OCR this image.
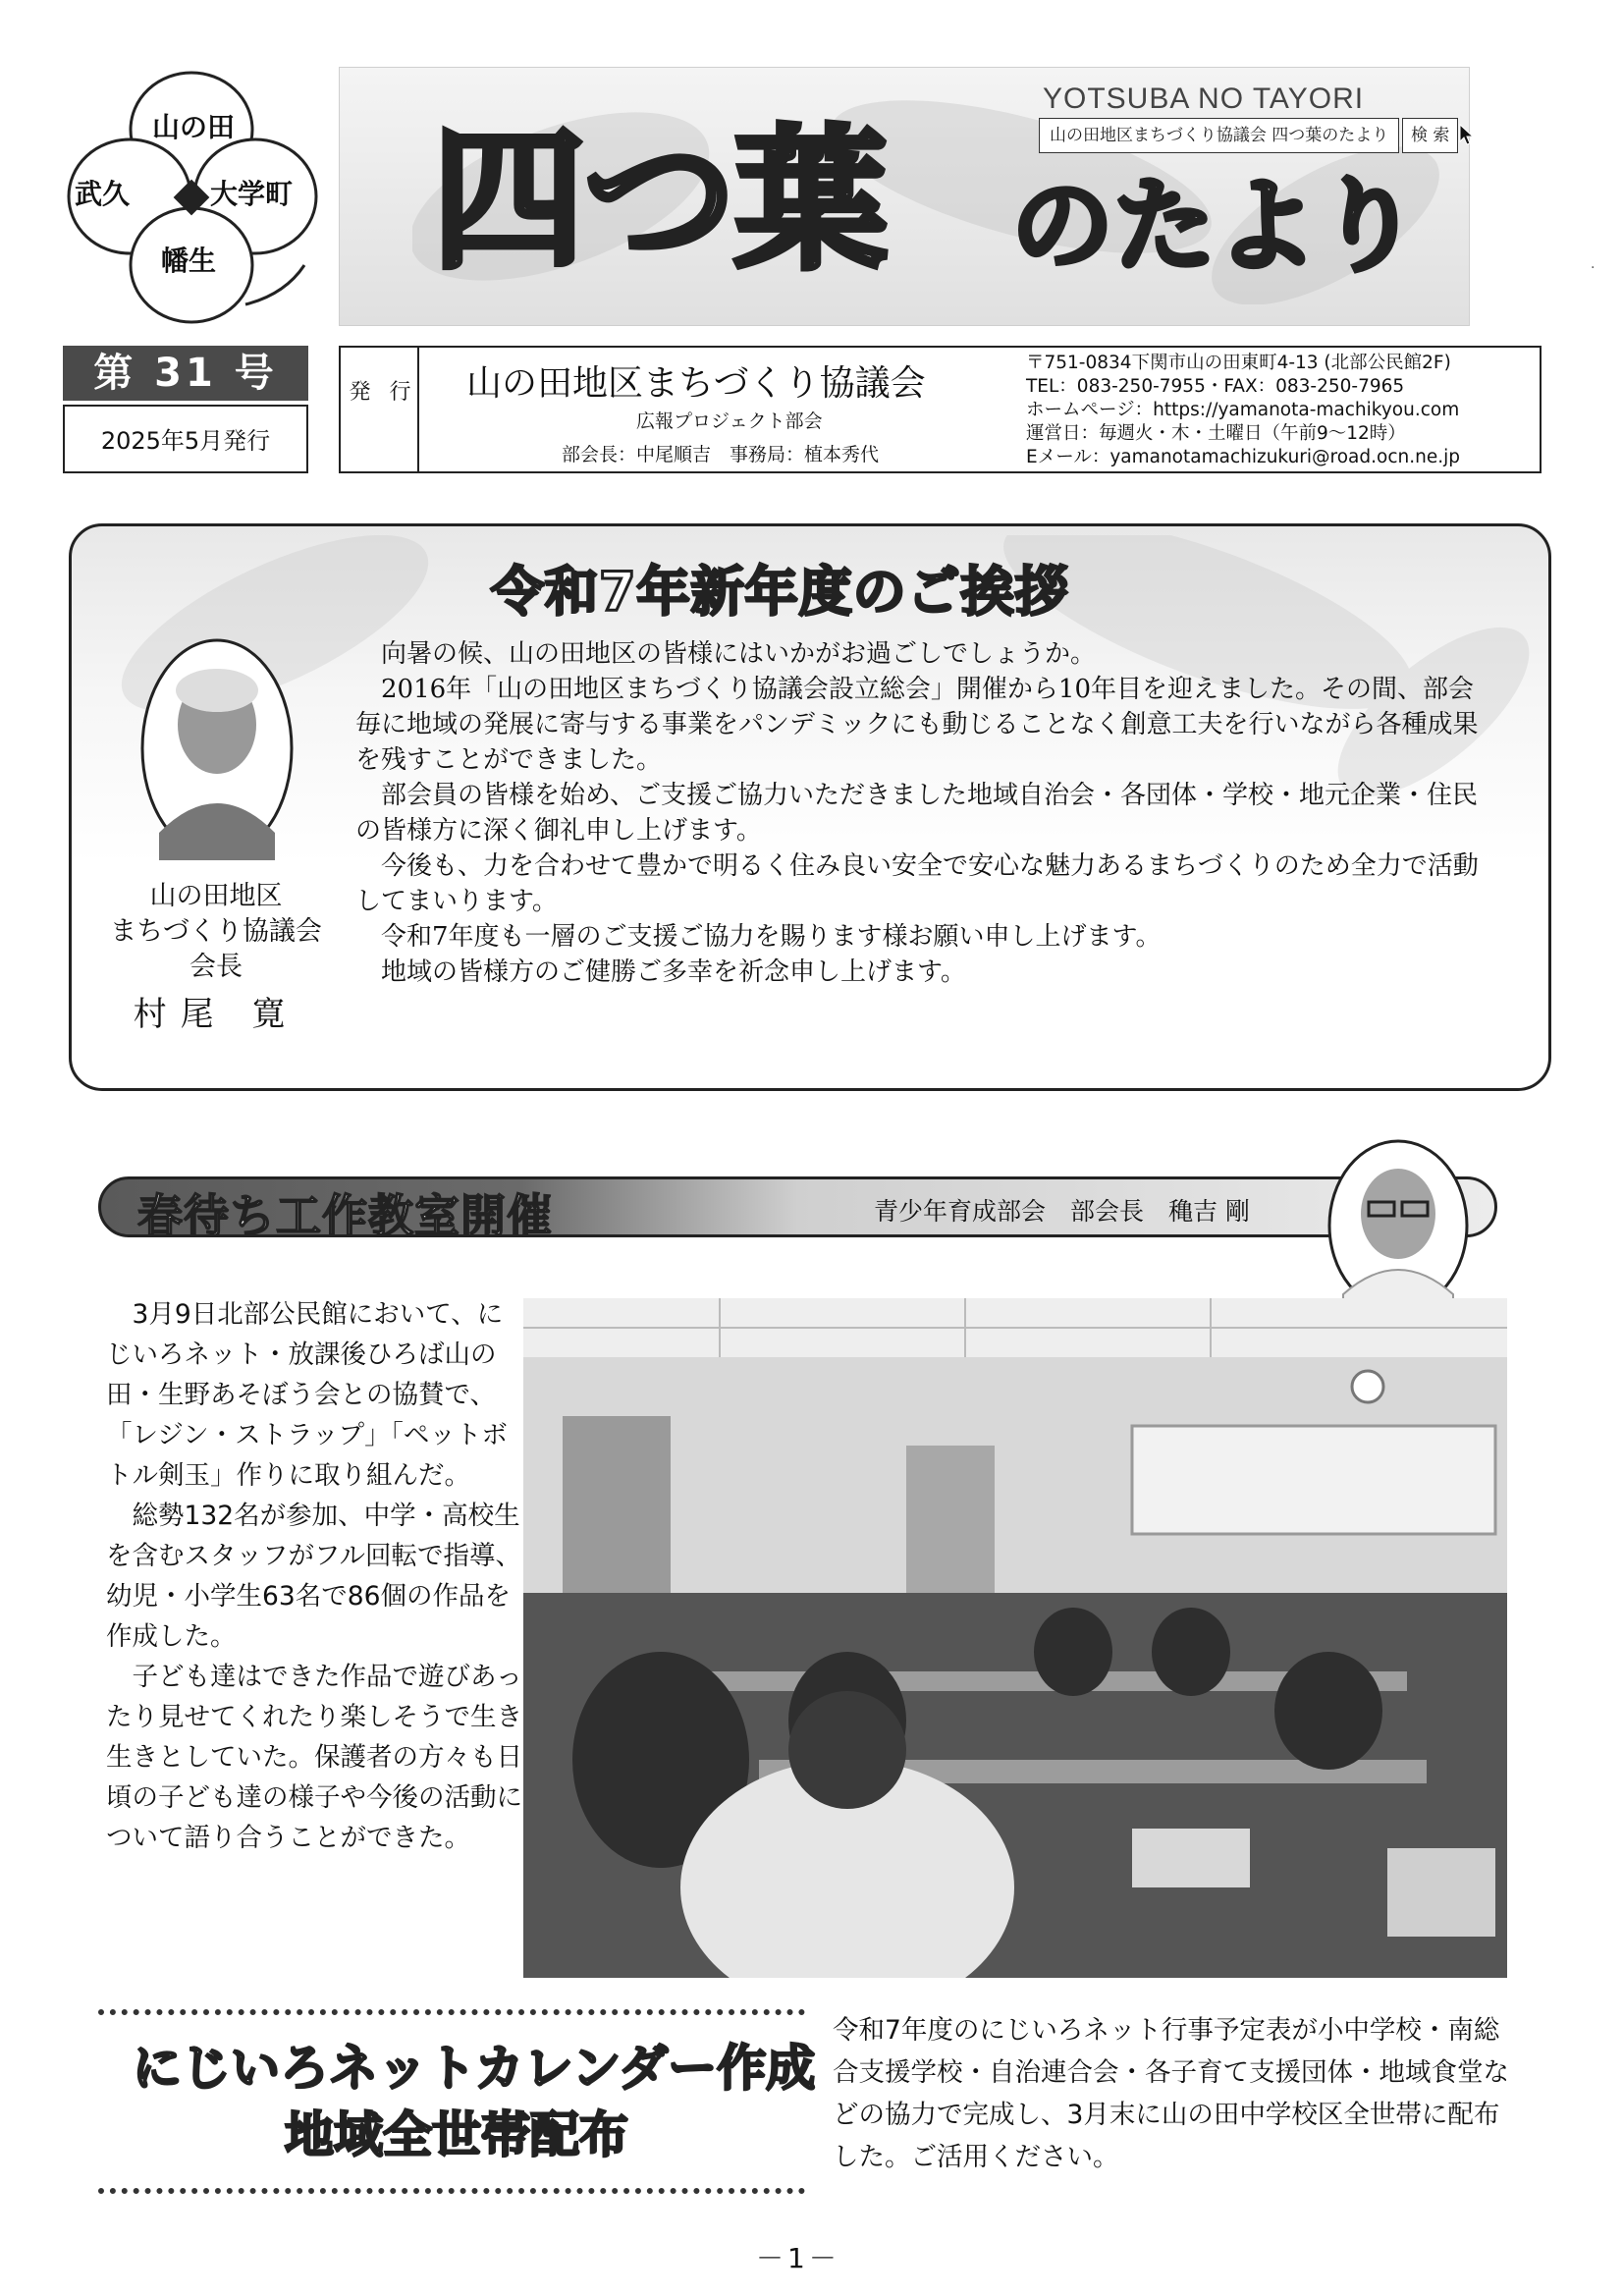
山の田
武久	大学町
幡生
YOTSUBA NO TAYORI
山の田地区まちづくり協議会 四つ葉のたより	検 索
四つ葉 のたより
第 31 号
2025年5月発行
発 行 山の田地区まちづくり協議会
広報プロジェクト部会
部会長：中尾順吉　事務局：植本秀代
〒751-0834下関市山の田東町4-13 (北部公民館2F)
TEL：083-250-7955・FAX：083-250-7965
ホームページ：https://yamanota-machikyou.com
運営日：毎週火・木・土曜日（午前9～12時）
Eメール：yamanotamachizukuri@road.ocn.ne.jp
·
令和7年新年度のご挨拶
山の田地区
まちづくり協議会
会長
村尾 寛

向暑の候、山の田地区の皆様にはいかがお過ごしでしょうか。

2016年「山の田地区まちづくり協議会設立総会」開催から10年目を迎えました。その間、部会毎に地域の発展に寄与する事業をパンデミックにも動じることなく創意工夫を行いながら各種成果を残すことができました。

部会員の皆様を始め、ご支援ご協力いただきました地域自治会・各団体・学校・地元企業・住民の皆様方に深く御礼申し上げます。

今後も、力を合わせて豊かで明るく住み良い安全で安心な魅力あるまちづくりのため全力で活動してまいります。

令和7年度も一層のご支援ご協力を賜ります様お願い申し上げます。

地域の皆様方のご健勝ご多幸を祈念申し上げます。

春待ち工作教室開催	青少年育成部会　部会長　穐吉 剛

3月9日北部公民館において、にじいろネット・放課後ひろば山の田・生野あそぼう会との協賛で、「レジン・ストラップ」「ペットボトル剣玉」作りに取り組んだ。

総勢132名が参加、中学・高校生を含むスタッフがフル回転で指導、幼児・小学生63名で86個の作品を作成した。

子ども達はできた作品で遊びあったり見せてくれたり楽しそうで生き生きとしていた。保護者の方々も日頃の子ども達の様子や今後の活動について語り合うことができた。

にじいろネットカレンダー作成
地域全世帯配布
令和7年度のにじいろネット行事予定表が小中学校・南総合支援学校・自治連合会・各子育て支援団体・地域食堂などの協力で完成し、3月末に山の田中学校区全世帯に配布した。ご活用ください。
－1－
